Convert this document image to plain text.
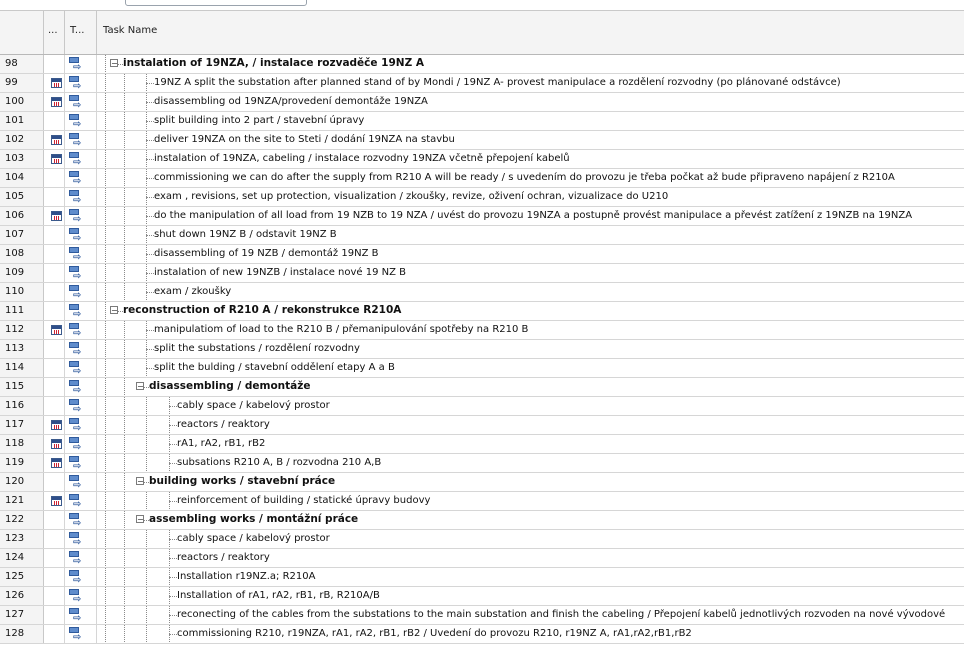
... T... Task Name
98	⇨	− instalation of 19NZA, / instalace rozvaděče 19NZ A
99	⇨	19NZ A split the substation after planned stand of by Mondi / 19NZ A- provest manipulace a rozdělení rozvodny (po plánované odstávce)
100	⇨	disassembling od 19NZA/provedení demontáže 19NZA
101	⇨	split building into 2 part / stavební úpravy
102	⇨	deliver 19NZA on the site to Steti / dodání 19NZA na stavbu
103	⇨	instalation of 19NZA, cabeling / instalace rozvodny 19NZA včetně přepojení kabelů
104	⇨	commissioning we can do after the supply from R210 A will be ready / s uvedením do provozu je třeba počkat až bude připraveno napájení z R210A
105	⇨	exam , revisions, set up protection, visualization / zkoušky, revize, oživení ochran, vizualizace do U210
106	⇨	do the manipulation of all load from 19 NZB to 19 NZA / uvést do provozu 19NZA a postupně provést manipulace a převést zatížení z 19NZB na 19NZA
107	⇨	shut down 19NZ B / odstavit 19NZ B
108	⇨	disassembling of 19 NZB / demontáž 19NZ B
109	⇨	instalation of new 19NZB / instalace nové 19 NZ B
110	⇨	exam / zkoušky
111	⇨	− reconstruction of R210 A / rekonstrukce R210A
112	⇨	manipulatiom of load to the R210 B / přemanipulování spotřeby na R210 B
113	⇨	split the substations / rozdělení rozvodny
114	⇨	split the bulding / stavební oddělení etapy A a B
115	⇨	− disassembling / demontáže
116	⇨	cably space / kabelový prostor
117	⇨	reactors / reaktory
118	⇨	rA1, rA2, rB1, rB2
119	⇨	subsations R210 A, B / rozvodna 210 A,B
120	⇨	− building works / stavební práce
121	⇨	reinforcement of building / statické úpravy budovy
122	⇨	− assembling works / montážní práce
123	⇨	cably space / kabelový prostor
124	⇨	reactors / reaktory
125	⇨	Installation r19NZ.a; R210A
126	⇨	Installation of rA1, rA2, rB1, rB, R210A/B
127	⇨	reconecting of the cables from the substations to the main substation and finish the cabeling / Přepojení kabelů jednotlivých rozvoden na nové vývodové
128	⇨	commissioning R210, r19NZA, rA1, rA2, rB1, rB2 / Uvedení do provozu R210, r19NZ A, rA1,rA2,rB1,rB2
